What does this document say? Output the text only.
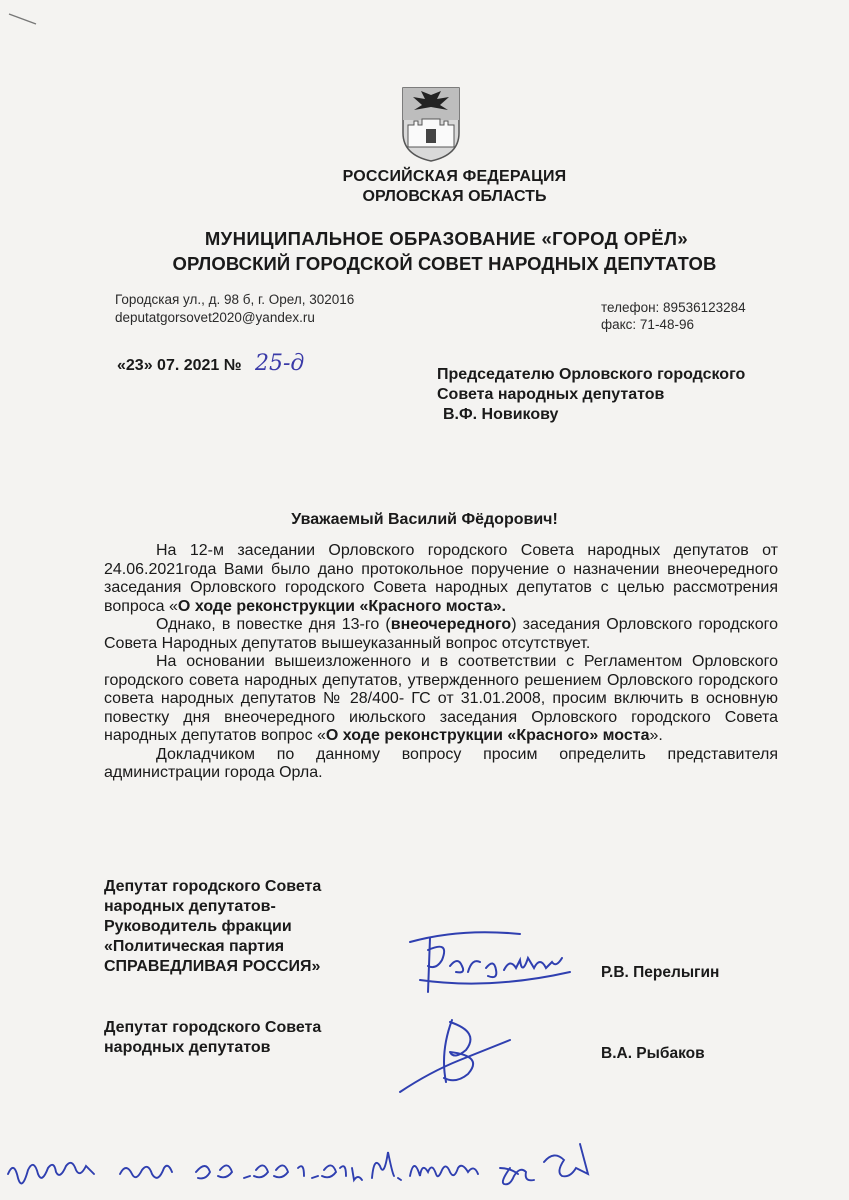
РОССИЙСКАЯ ФЕДЕРАЦИЯ
ОРЛОВСКАЯ ОБЛАСТЬ
МУНИЦИПАЛЬНОЕ ОБРАЗОВАНИЕ «ГОРОД ОРЁЛ»
ОРЛОВСКИЙ ГОРОДСКОЙ СОВЕТ НАРОДНЫХ ДЕПУТАТОВ
Городская ул., д. 98 б, г. Орел, 302016
deputatgorsovet2020@yandex.ru
телефон: 89536123284
факс: 71-48-96
«23» 07. 2021 № 25-д	Председателю Орловского городского
Совета народных депутатов
В.Ф. Новикову
Уважаемый Василий Фёдорович!

На 12-м заседании Орловского городского Совета народных депутатов от 24.06.2021года Вами было дано протокольное поручение о назначении внеочередного заседания Орловского городского Совета народных депутатов с целью рассмотрения вопроса «О ходе реконструкции «Красного моста».

Однако, в повестке дня 13-го (внеочередного) заседания Орловского городского Совета Народных депутатов вышеуказанный вопрос отсутствует.

На основании вышеизложенного и в соответствии с Регламентом Орловского городского совета народных депутатов, утвержденного решением Орловского городского совета народных депутатов № 28/400- ГС от 31.01.2008, просим включить в основную повестку дня внеочередного июльского заседания Орловского городского Совета народных депутатов вопрос «О ходе реконструкции «Красного» моста».

Докладчиком по данному вопросу просим определить представителя администрации города Орла.

Депутат городского Совета
народных депутатов-
Руководитель фракции
«Политическая партия
СПРАВЕДЛИВАЯ РОССИЯ»	Р.В. Перелыгин
Депутат городского Совета
народных депутатов	В.А. Рыбаков
